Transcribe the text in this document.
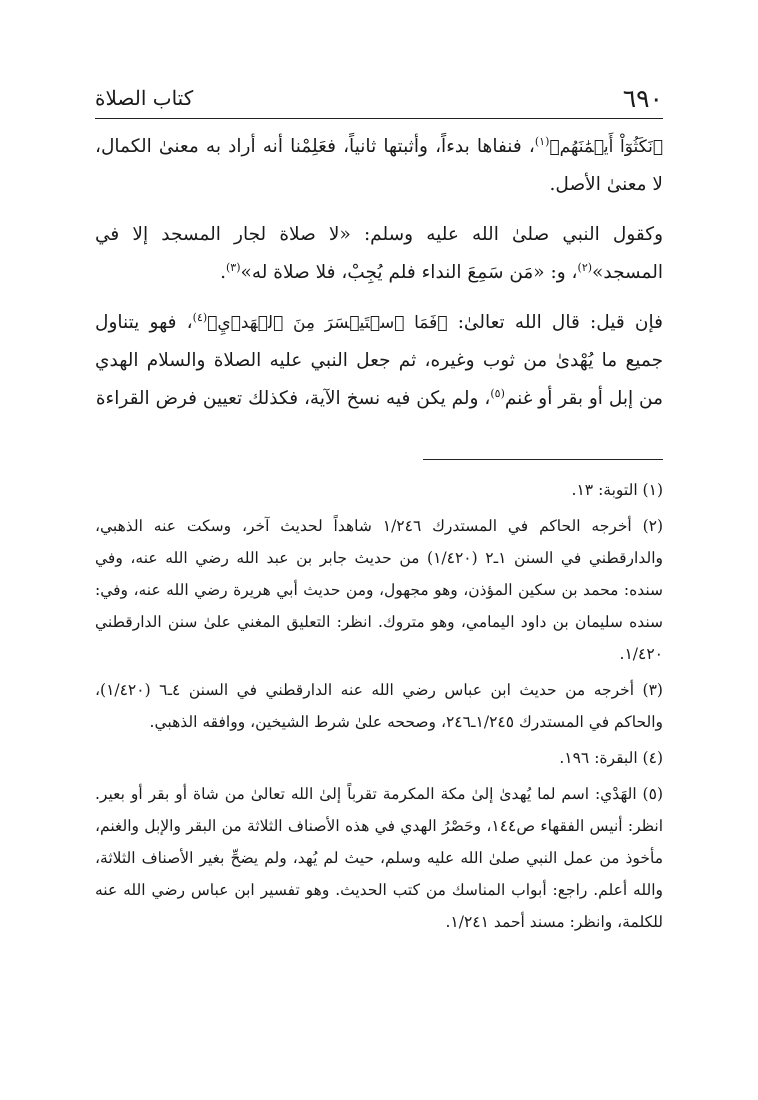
٦٩٠
كتاب الصلاة

﴿نَكَثُوٓاْ أَيۡمَٰنَهُم﴾$^{(١)}$، فنفاها بدءاً، وأثبتها ثانياً، فعَلِمْنا أنه أراد به معنىٰ الكمال، لا معنىٰ الأصل.

وكقول النبي صلىٰ الله عليه وسلم: «لا صلاة لجار المسجد إلا في المسجد»$^{(٢)}$، و: «مَن سَمِعَ النداء فلم يُجِبْ، فلا صلاة له»$^{(٣)}$.

فإن قيل: قال الله تعالىٰ: ﴿فَمَا ٱسۡتَيۡسَرَ مِنَ ٱلۡهَدۡيِ﴾$^{(٤)}$، فهو يتناول جميع ما يُهْدىٰ من ثوب وغيره، ثم جعل النبي عليه الصلاة والسلام الهدي من إبل أو بقر أو غنم$^{(٥)}$، ولم يكن فيه نسخ الآية، فكذلك تعيين فرض القراءة

(١) التوبة: ١٣.

(٢) أخرجه الحاكم في المستدرك ١/٢٤٦ شاهداً لحديث آخر، وسكت عنه الذهبي، والدارقطني في السنن ١ـ٢ (١/٤٢٠) من حديث جابر بن عبد الله رضي الله عنه، وفي سنده: محمد بن سكين المؤذن، وهو مجهول، ومن حديث أبي هريرة رضي الله عنه، وفي: سنده سليمان بن داود اليمامي، وهو متروك. انظر: التعليق المغني علىٰ سنن الدارقطني ١/٤٢٠.

(٣) أخرجه من حديث ابن عباس رضي الله عنه الدارقطني في السنن ٤ـ٦ (١/٤٢٠)، والحاكم في المستدرك ١/٢٤٥ـ٢٤٦، وصححه علىٰ شرط الشيخين، ووافقه الذهبي.

(٤) البقرة: ١٩٦.

(٥) الهَدْي: اسم لما يُهدىٰ إلىٰ مكة المكرمة تقرباً إلىٰ الله تعالىٰ من شاة أو بقر أو بعير. انظر: أنيس الفقهاء ص١٤٤، وحَصْرُ الهدي في هذه الأصناف الثلاثة من البقر والإبل والغنم، مأخوذ من عمل النبي صلىٰ الله عليه وسلم، حيث لم يُهد، ولم يضحِّ بغير الأصناف الثلاثة، والله أعلم. راجع: أبواب المناسك من كتب الحديث. وهو تفسير ابن عباس رضي الله عنه للكلمة، وانظر: مسند أحمد ١/٢٤١.
